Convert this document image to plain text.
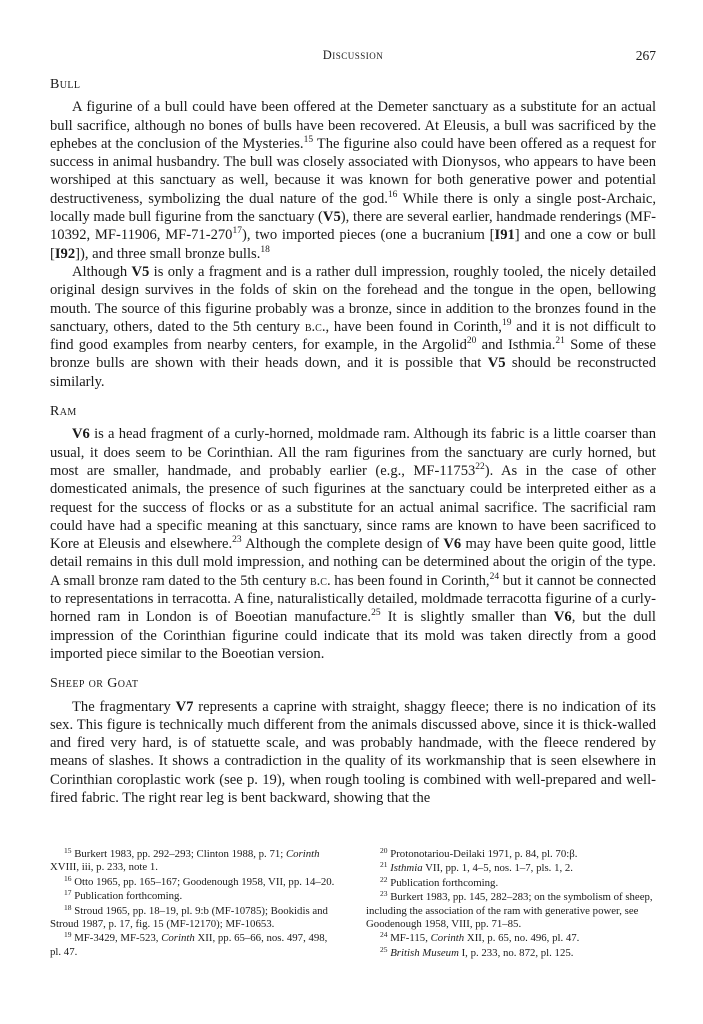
Discussion	267
Bull

A figurine of a bull could have been offered at the Demeter sanctuary as a substitute for an actual bull sacrifice, although no bones of bulls have been recovered. At Eleusis, a bull was sacrificed by the ephebes at the conclusion of the Mysteries.$^{15}$ The figurine also could have been offered as a request for success in animal husbandry. The bull was closely associated with Dionysos, who appears to have been worshiped at this sanctuary as well, because it was known for both generative power and potential destructiveness, symbolizing the dual nature of the god.$^{16}$ While there is only a single post-Archaic, locally made bull figurine from the sanctuary (V5), there are several earlier, handmade renderings (MF-10392, MF-11906, $MF-71-270^{17}$), two imported pieces (one a bucranium [I91] and one a cow or bull [I92]), and three small bronze bulls.$^{18}$

Although V5 is only a fragment and is a rather dull impression, roughly tooled, the nicely detailed original design survives in the folds of skin on the forehead and the tongue in the open, bellowing mouth. The source of this figurine probably was a bronze, since in addition to the bronzes found in the sanctuary, others, dated to the 5th century b.c., have been found in Corinth,$^{19}$ and it is not difficult to find good examples from nearby centers, for example, in the Argolid$^{20}$ and Isthmia.$^{21}$ Some of these bronze bulls are shown with their heads down, and it is possible that V5 should be reconstructed similarly.

Ram

V6 is a head fragment of a curly-horned, moldmade ram. Although its fabric is a little coarser than usual, it does seem to be Corinthian. All the ram figurines from the sanctuary are curly horned, but most are smaller, handmade, and probably earlier (e.g., MF-11753$^{22}$). As in the case of other domesticated animals, the presence of such figurines at the sanctuary could be interpreted either as a request for the success of flocks or as a substitute for an actual animal sacrifice. The sacrificial ram could have had a specific meaning at this sanctuary, since rams are known to have been sacrificed to Kore at Eleusis and elsewhere.$^{23}$ Although the complete design of V6 may have been quite good, little detail remains in this dull mold impression, and nothing can be determined about the origin of the type. A small bronze ram dated to the 5th century b.c. has been found in Corinth,$^{24}$ but it cannot be connected to representations in terracotta. A fine, naturalistically detailed, moldmade terracotta figurine of a curly-horned ram in London is of Boeotian manufacture.$^{25}$ It is slightly smaller than V6, but the dull impression of the Corinthian figurine could indicate that its mold was taken directly from a good imported piece similar to the Boeotian version.

Sheep or Goat

The fragmentary V7 represents a caprine with straight, shaggy fleece; there is no indication of its sex. This figure is technically much different from the animals discussed above, since it is thick-walled and fired very hard, is of statuette scale, and was probably handmade, with the fleece rendered by means of slashes. It shows a contradiction in the quality of its workmanship that is seen elsewhere in Corinthian coroplastic work (see p. 19), when rough tooling is combined with well-prepared and well-fired fabric. The right rear leg is bent backward, showing that the

$^{15}$ Burkert 1983, pp. 292–293; Clinton 1988, p. 71; Corinth XVIII, iii, p. 233, note 1.
$^{16}$ Otto 1965, pp. 165–167; Goodenough 1958, VII, pp. 14–20.
$^{17}$ Publication forthcoming.
$^{18}$ Stroud 1965, pp. 18–19, pl. 9:b (MF-10785); Bookidis and Stroud 1987, p. 17, fig. 15 (MF-12170); MF-10653.
$^{19}$ MF-3429, MF-523, Corinth XII, pp. 65–66, nos. 497, 498, pl. 47.
$^{20}$ Protonotariou-Deilaki 1971, p. 84, pl. 70:β.
$^{21}$ Isthmia VII, pp. 1, 4–5, nos. 1–7, pls. 1, 2.
$^{22}$ Publication forthcoming.
$^{23}$ Burkert 1983, pp. 145, 282–283; on the symbolism of sheep, including the association of the ram with generative power, see Goodenough 1958, VIII, pp. 71–85.
$^{24}$ MF-115, Corinth XII, p. 65, no. 496, pl. 47.
$^{25}$ British Museum I, p. 233, no. 872, pl. 125.
